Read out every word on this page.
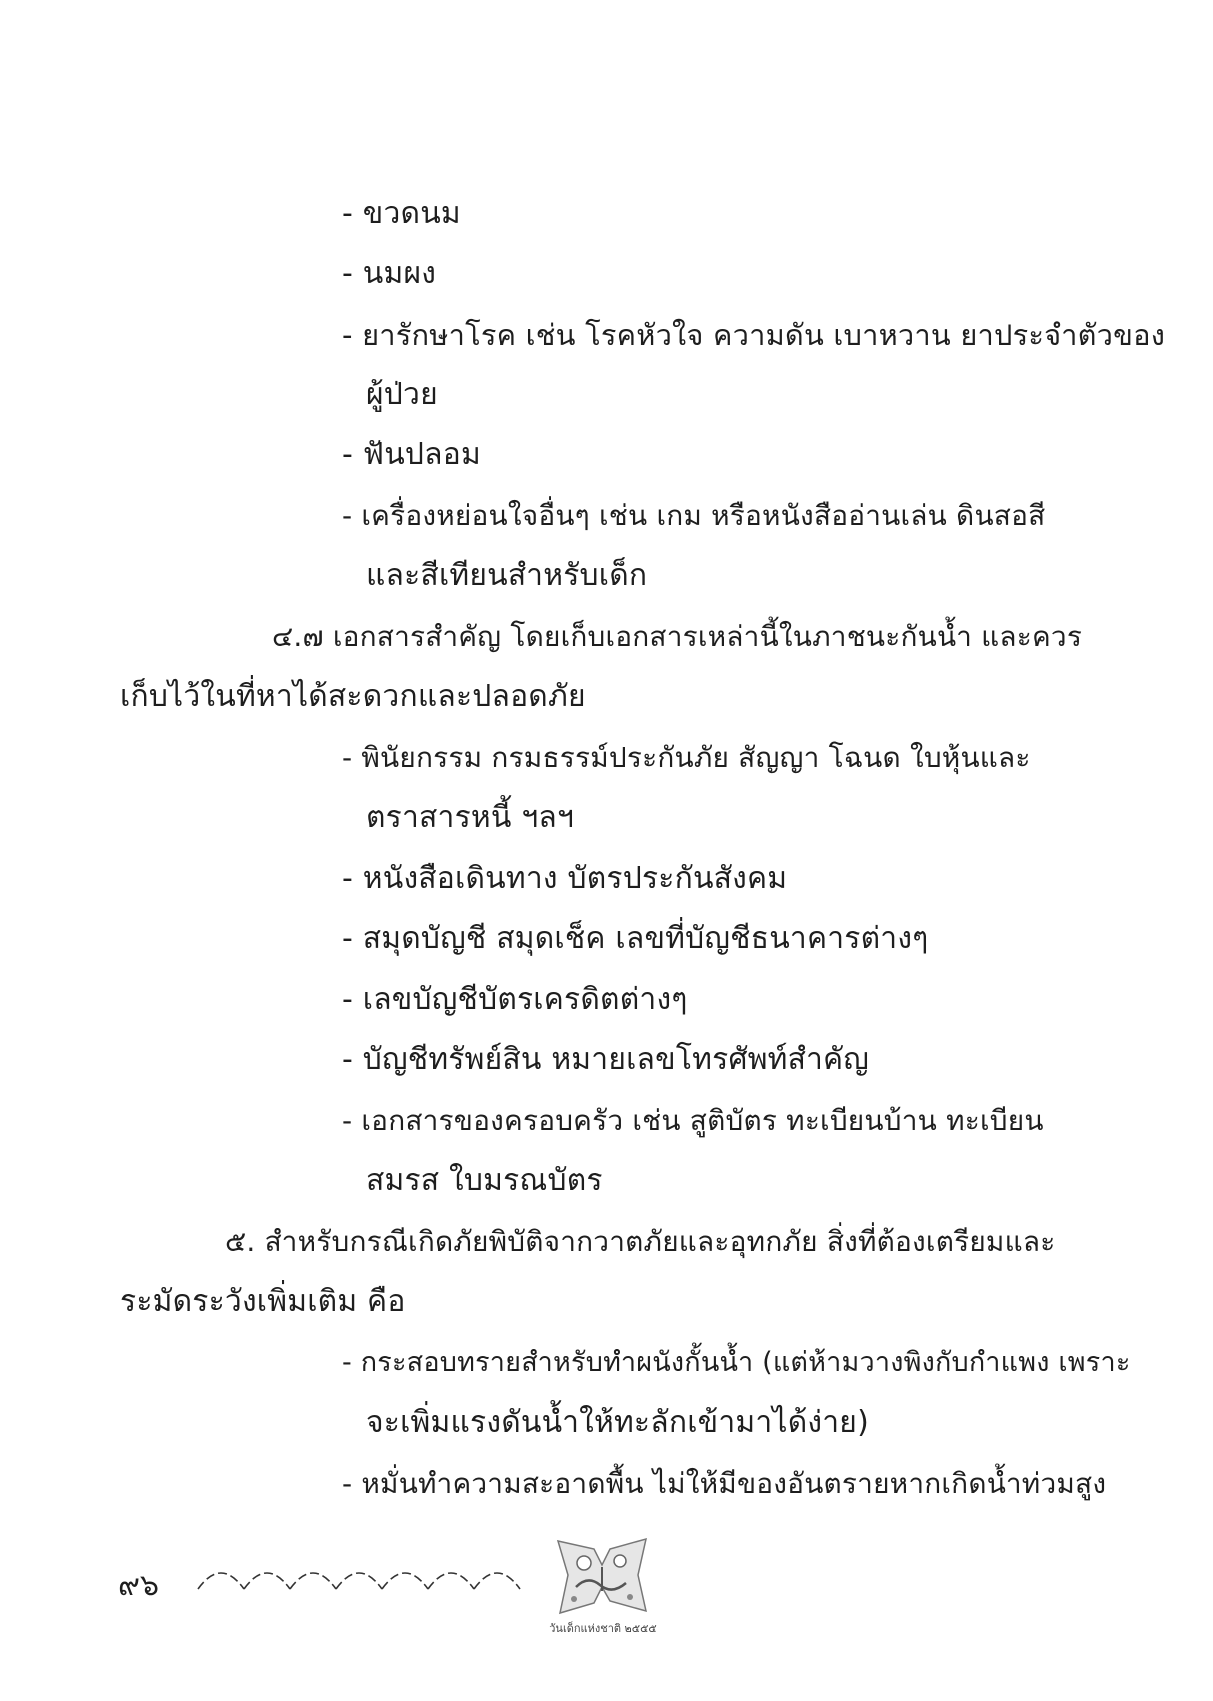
- ขวดนม
- นมผง
- ยารักษาโรค เช่น โรคหัวใจ ความดัน เบาหวาน ยาประจำตัวของ
ผู้ป่วย
- ฟันปลอม
- เครื่องหย่อนใจอื่นๆ เช่น เกม หรือหนังสืออ่านเล่น ดินสอสี
และสีเทียนสำหรับเด็ก
๔.๗ เอกสารสำคัญ โดยเก็บเอกสารเหล่านี้ในภาชนะกันน้ำ และควร
เก็บไว้ในที่หาได้สะดวกและปลอดภัย
- พินัยกรรม กรมธรรม์ประกันภัย สัญญา โฉนด ใบหุ้นและ
ตราสารหนี้ ฯลฯ
- หนังสือเดินทาง บัตรประกันสังคม
- สมุดบัญชี สมุดเช็ค เลขที่บัญชีธนาคารต่างๆ
- เลขบัญชีบัตรเครดิตต่างๆ
- บัญชีทรัพย์สิน หมายเลขโทรศัพท์สำคัญ
- เอกสารของครอบครัว เช่น สูติบัตร ทะเบียนบ้าน ทะเบียน
สมรส ใบมรณบัตร
๕. สำหรับกรณีเกิดภัยพิบัติจากวาตภัยและอุทกภัย สิ่งที่ต้องเตรียมและ
ระมัดระวังเพิ่มเติม คือ
- กระสอบทรายสำหรับทำผนังกั้นน้ำ (แต่ห้ามวางพิงกับกำแพง เพราะ
จะเพิ่มแรงดันน้ำให้ทะลักเข้ามาได้ง่าย)
- หมั่นทำความสะอาดพื้น ไม่ให้มีของอันตรายหากเกิดน้ำท่วมสูง
๙๖
วันเด็กแห่งชาติ ๒๕๕๕
